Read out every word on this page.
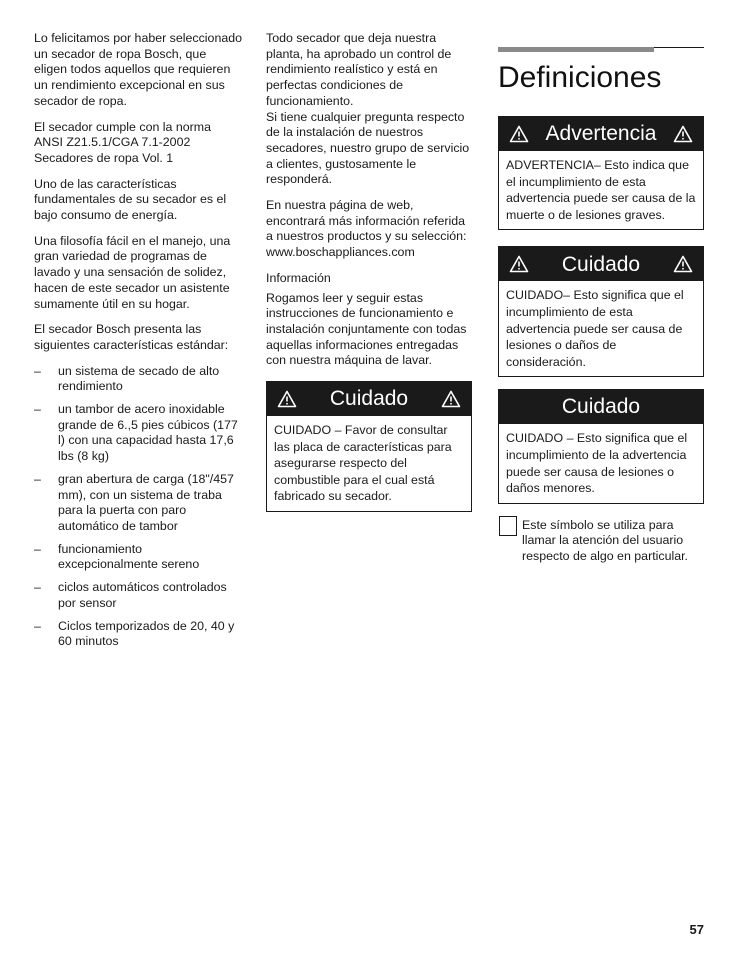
Lo felicitamos por haber seleccionado un secador de ropa Bosch, que eligen todos aquellos que requieren un rendimiento excepcional en sus secador de ropa.

El secador cumple con la norma ANSI Z21.5.1/CGA 7.1-2002 Secadores de ropa Vol. 1

Uno de las características fundamentales de su secador es el bajo consumo de energía.

Una filosofía fácil en el manejo, una gran variedad de programas de lavado y una sensación de solidez, hacen de este secador un asistente sumamente útil en su hogar.

El secador Bosch presenta las siguientes características estándar:

– un sistema de secado de alto rendimiento
– un tambor de acero inoxidable grande de 6.,5 pies cúbicos (177 l) con una capacidad hasta 17,6 lbs (8 kg)
– gran abertura de carga (18"/457 mm), con un sistema de traba para la puerta con paro automático de tambor
– funcionamiento excepcionalmente sereno
– ciclos automáticos controlados por sensor
– Ciclos temporizados de 20, 40 y 60 minutos

Todo secador que deja nuestra planta, ha aprobado un control de rendimiento realístico y está en perfectas condiciones de funcionamiento.

Si tiene cualquier pregunta respecto de la instalación de nuestros secadores, nuestro grupo de servicio a clientes, gustosamente le responderá.

En nuestra página de web, encontrará más información referida a nuestros productos y su selección: www.boschappliances.com

Información

Rogamos leer y seguir estas instrucciones de funcionamiento e instalación conjuntamente con todas aquellas informaciones entregadas con nuestra máquina de lavar.

Cuidado
CUIDADO – Favor de consultar las placa de características para asegurarse respecto del combustible para el cual está fabricado su secador.
Definiciones
Advertencia
ADVERTENCIA– Esto indica que el incumplimiento de esta advertencia puede ser causa de la muerte o de lesiones graves.
Cuidado
CUIDADO– Esto significa que el incumplimiento de esta advertencia puede ser causa de lesiones o daños de consideración.
Cuidado
CUIDADO – Esto significa que el incumplimiento de la advertencia puede ser causa de lesiones o daños menores.
Este símbolo se utiliza para llamar la atención del usuario respecto de algo en particular.
57
